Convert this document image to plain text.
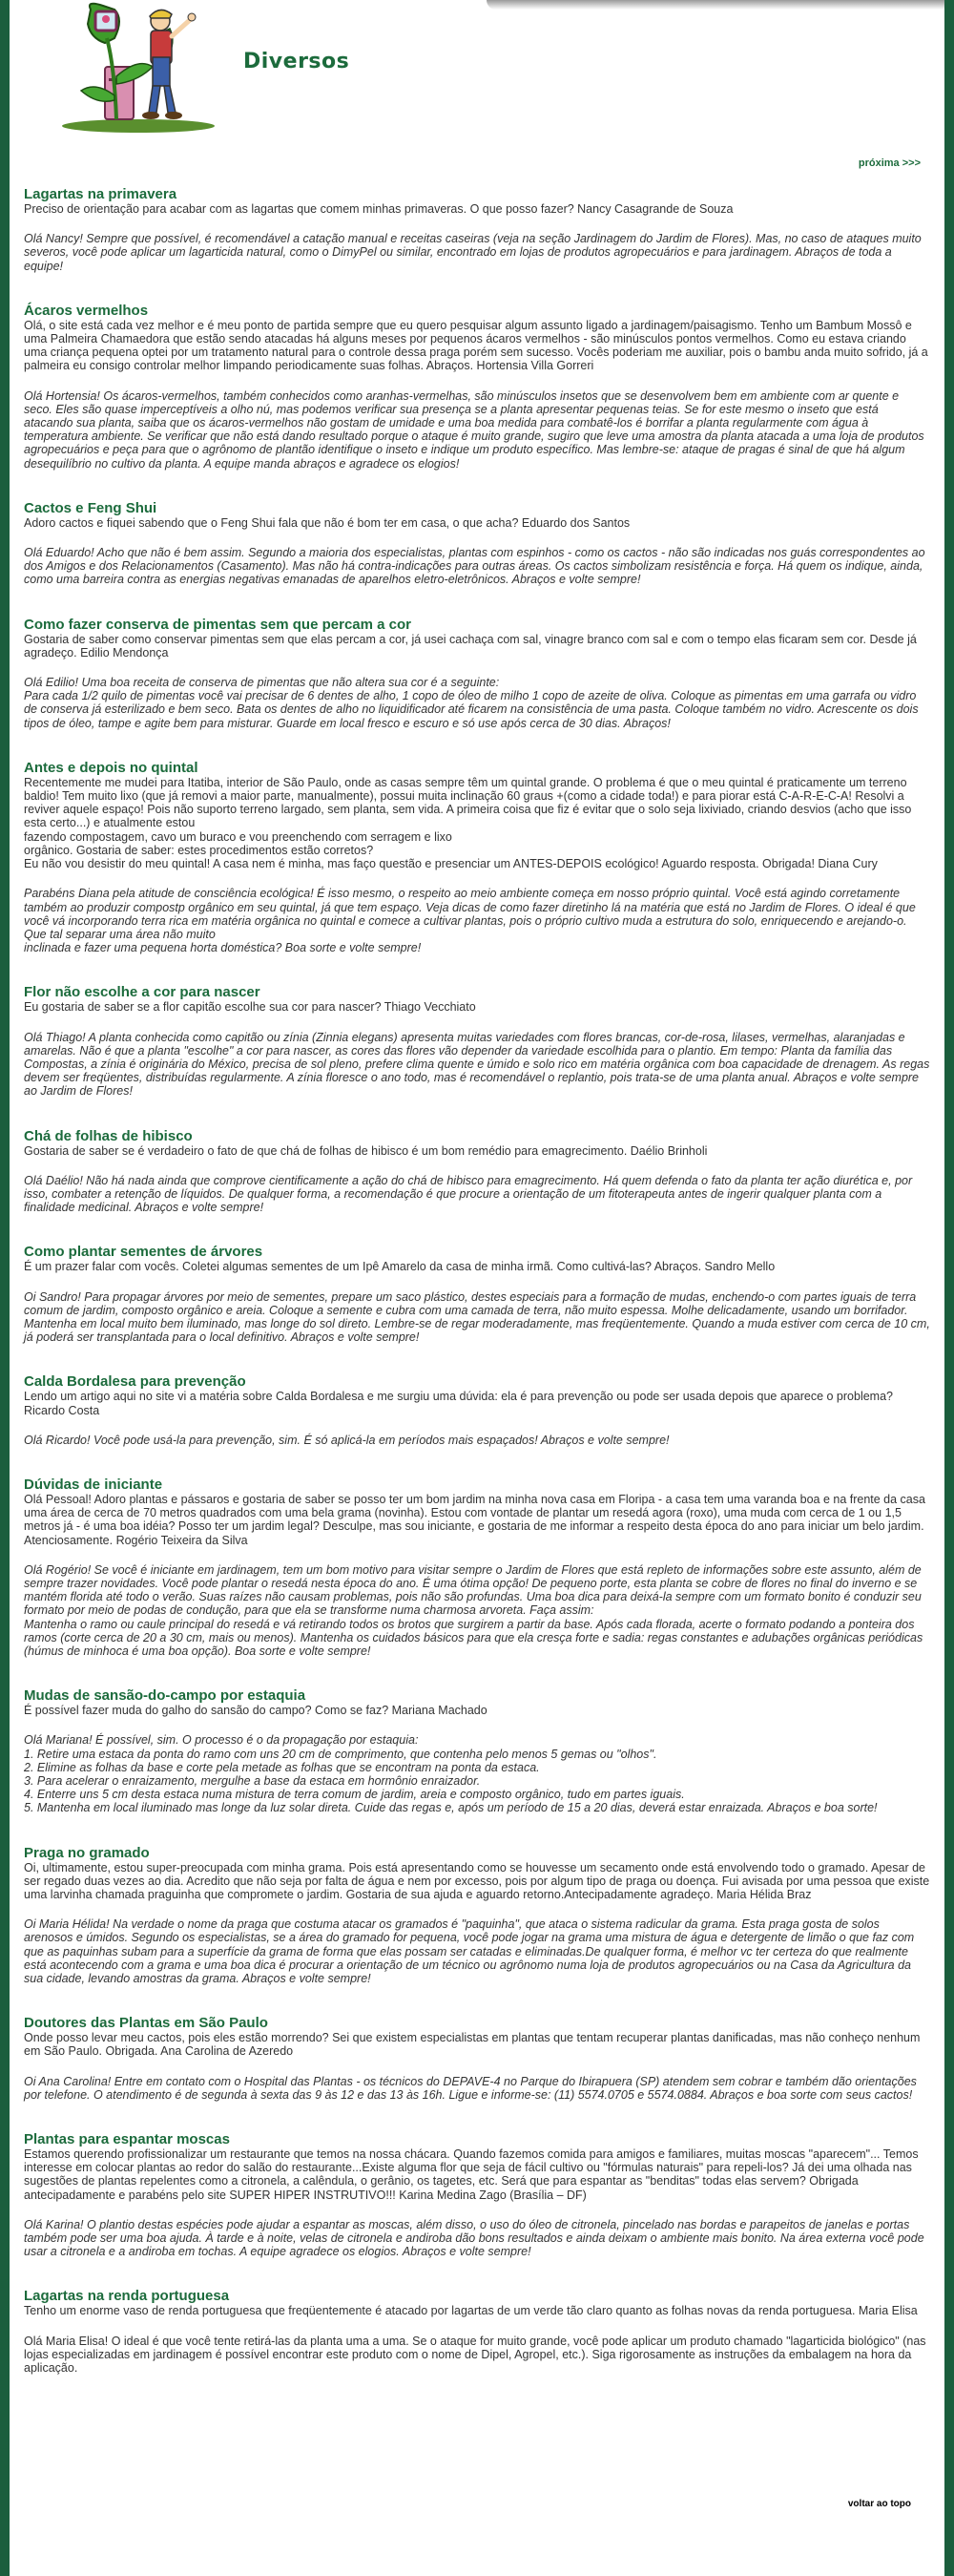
Diversos
próxima >>>
Lagartas na primavera

Preciso de orientação para acabar com as lagartas que comem minhas primaveras. O que posso fazer? Nancy Casagrande de Souza

Olá Nancy! Sempre que possível, é recomendável a catação manual e receitas caseiras (veja na seção Jardinagem do Jardim de Flores). Mas, no caso de ataques muito severos, você pode aplicar um lagarticida natural, como o DimyPel ou similar, encontrado em lojas de produtos agropecuários e para jardinagem. Abraços de toda a equipe!

Ácaros vermelhos

Olá, o site está cada vez melhor e é meu ponto de partida sempre que eu quero pesquisar algum assunto ligado a jardinagem/paisagismo. Tenho um Bambum Mossô e uma Palmeira Chamaedora que estão sendo atacadas há alguns meses por pequenos ácaros vermelhos - são minúsculos pontos vermelhos. Como eu estava criando uma criança pequena optei por um tratamento natural para o controle dessa praga porém sem sucesso. Vocês poderiam me auxiliar, pois o bambu anda muito sofrido, já a palmeira eu consigo controlar melhor limpando periodicamente suas folhas. Abraços. Hortensia Villa Gorreri

Olá Hortensia! Os ácaros-vermelhos, também conhecidos como aranhas-vermelhas, são minúsculos insetos que se desenvolvem bem em ambiente com ar quente e seco. Eles são quase imperceptíveis a olho nú, mas podemos verificar sua presença se a planta apresentar pequenas teias. Se for este mesmo o inseto que está atacando sua planta, saiba que os ácaros-vermelhos não gostam de umidade e uma boa medida para combatê-los é borrifar a planta regularmente com água à temperatura ambiente. Se verificar que não está dando resultado porque o ataque é muito grande, sugiro que leve uma amostra da planta atacada a uma loja de produtos agropecuários e peça para que o agrônomo de plantão identifique o inseto e indique um produto específico. Mas lembre-se: ataque de pragas é sinal de que há algum desequilíbrio no cultivo da planta. A equipe manda abraços e agradece os elogios!

Cactos e Feng Shui

Adoro cactos e fiquei sabendo que o Feng Shui fala que não é bom ter em casa, o que acha? Eduardo dos Santos

Olá Eduardo! Acho que não é bem assim. Segundo a maioria dos especialistas, plantas com espinhos - como os cactos - não são indicadas nos guás correspondentes ao dos Amigos e dos Relacionamentos (Casamento). Mas não há contra-indicações para outras áreas. Os cactos simbolizam resistência e força. Há quem os indique, ainda, como uma barreira contra as energias negativas emanadas de aparelhos eletro-eletrônicos. Abraços e volte sempre!

Como fazer conserva de pimentas sem que percam a cor

Gostaria de saber como conservar pimentas sem que elas percam a cor, já usei cachaça com sal, vinagre branco com sal e com o tempo elas ficaram sem cor. Desde já agradeço. Edilio Mendonça

Olá Edilio! Uma boa receita de conserva de pimentas que não altera sua cor é a seguinte:
Para cada 1/2 quilo de pimentas você vai precisar de 6 dentes de alho, 1 copo de óleo de milho 1 copo de azeite de oliva. Coloque as pimentas em uma garrafa ou vidro de conserva já esterilizado e bem seco. Bata os dentes de alho no liquidificador até ficarem na consistência de uma pasta. Coloque também no vidro. Acrescente os dois tipos de óleo, tampe e agite bem para misturar. Guarde em local fresco e escuro e só use após cerca de 30 dias. Abraços!

Antes e depois no quintal

Recentemente me mudei para Itatiba, interior de São Paulo, onde as casas sempre têm um quintal grande. O problema é que o meu quintal é praticamente um terreno baldio! Tem muito lixo (que já removi a maior parte, manualmente), possui muita inclinação 60 graus +(como a cidade toda!) e para piorar está C-A-R-E-C-A! Resolvi a reviver aquele espaço! Pois não suporto terreno largado, sem planta, sem vida. A primeira coisa que fiz é evitar que o solo seja lixiviado, criando desvios (acho que isso esta certo...) e atualmente estou
fazendo compostagem, cavo um buraco e vou preenchendo com serragem e lixo
orgânico. Gostaria de saber: estes procedimentos estão corretos?
Eu não vou desistir do meu quintal! A casa nem é minha, mas faço questão e presenciar um ANTES-DEPOIS ecológico! Aguardo resposta. Obrigada! Diana Cury

Parabéns Diana pela atitude de consciência ecológica! É isso mesmo, o respeito ao meio ambiente começa em nosso próprio quintal. Você está agindo corretamente também ao produzir compostp orgânico em seu quintal, já que tem espaço. Veja dicas de como fazer diretinho lá na matéria que está no Jardim de Flores. O ideal é que você vá incorporando terra rica em matéria orgânica no quintal e comece a cultivar plantas, pois o próprio cultivo muda a estrutura do solo, enriquecendo e arejando-o. Que tal separar uma área não muito
inclinada e fazer uma pequena horta doméstica? Boa sorte e volte sempre!

Flor não escolhe a cor para nascer

Eu gostaria de saber se a flor capitão escolhe sua cor para nascer? Thiago Vecchiato

Olá Thiago! A planta conhecida como capitão ou zínia (Zinnia elegans) apresenta muitas variedades com flores brancas, cor-de-rosa, lilases, vermelhas, alaranjadas e amarelas. Não é que a planta "escolhe" a cor para nascer, as cores das flores vão depender da variedade escolhida para o plantio. Em tempo: Planta da família das Compostas, a zínia é originária do México, precisa de sol pleno, prefere clima quente e úmido e solo rico em matéria orgânica com boa capacidade de drenagem. As regas devem ser freqüentes, distribuídas regularmente. A zínia floresce o ano todo, mas é recomendável o replantio, pois trata-se de uma planta anual. Abraços e volte sempre ao Jardim de Flores!

Chá de folhas de hibisco

Gostaria de saber se é verdadeiro o fato de que chá de folhas de hibisco é um bom remédio para emagrecimento. Daélio Brinholi

Olá Daélio! Não há nada ainda que comprove cientificamente a ação do chá de hibisco para emagrecimento. Há quem defenda o fato da planta ter ação diurética e, por isso, combater a retenção de líquidos. De qualquer forma, a recomendação é que procure a orientação de um fitoterapeuta antes de ingerir qualquer planta com a finalidade medicinal. Abraços e volte sempre!

Como plantar sementes de árvores

É um prazer falar com vocês. Coletei algumas sementes de um Ipê Amarelo da casa de minha irmã. Como cultivá-las? Abraços. Sandro Mello

Oi Sandro! Para propagar árvores por meio de sementes, prepare um saco plástico, destes especiais para a formação de mudas, enchendo-o com partes iguais de terra comum de jardim, composto orgânico e areia. Coloque a semente e cubra com uma camada de terra, não muito espessa. Molhe delicadamente, usando um borrifador. Mantenha em local muito bem iluminado, mas longe do sol direto. Lembre-se de regar moderadamente, mas freqüentemente. Quando a muda estiver com cerca de 10 cm, já poderá ser transplantada para o local definitivo. Abraços e volte sempre!

Calda Bordalesa para prevenção

Lendo um artigo aqui no site vi a matéria sobre Calda Bordalesa e me surgiu uma dúvida: ela é para prevenção ou pode ser usada depois que aparece o problema? Ricardo Costa

Olá Ricardo! Você pode usá-la para prevenção, sim. É só aplicá-la em períodos mais espaçados! Abraços e volte sempre!

Dúvidas de iniciante

Olá Pessoal! Adoro plantas e pássaros e gostaria de saber se posso ter um bom jardim na minha nova casa em Floripa - a casa tem uma varanda boa e na frente da casa uma área de cerca de 70 metros quadrados com uma bela grama (novinha). Estou com vontade de plantar um resedá agora (roxo), uma muda com cerca de 1 ou 1,5 metros já - é uma boa idéia? Posso ter um jardim legal? Desculpe, mas sou iniciante, e gostaria de me informar a respeito desta época do ano para iniciar um belo jardim. Atenciosamente. Rogério Teixeira da Silva

Olá Rogério! Se você é iniciante em jardinagem, tem um bom motivo para visitar sempre o Jardim de Flores que está repleto de informações sobre este assunto, além de sempre trazer novidades. Você pode plantar o resedá nesta época do ano. É uma ótima opção! De pequeno porte, esta planta se cobre de flores no final do inverno e se mantém florida até todo o verão. Suas raízes não causam problemas, pois não são profundas. Uma boa dica para deixá-la sempre com um formato bonito é conduzir seu formato por meio de podas de condução, para que ela se transforme numa charmosa arvoreta. Faça assim:
Mantenha o ramo ou caule principal do resedá e vá retirando todos os brotos que surgirem a partir da base. Após cada florada, acerte o formato podando a ponteira dos ramos (corte cerca de 20 a 30 cm, mais ou menos). Mantenha os cuidados básicos para que ela cresça forte e sadia: regas constantes e adubações orgânicas periódicas (húmus de minhoca é uma boa opção). Boa sorte e volte sempre!

Mudas de sansão-do-campo por estaquia

É possível fazer muda do galho do sansão do campo? Como se faz? Mariana Machado

Olá Mariana! É possível, sim. O processo é o da propagação por estaquia:
1. Retire uma estaca da ponta do ramo com uns 20 cm de comprimento, que contenha pelo menos 5 gemas ou "olhos".
2. Elimine as folhas da base e corte pela metade as folhas que se encontram na ponta da estaca.
3. Para acelerar o enraizamento, mergulhe a base da estaca em hormônio enraizador.
4. Enterre uns 5 cm desta estaca numa mistura de terra comum de jardim, areia e composto orgânico, tudo em partes iguais.
5. Mantenha em local iluminado mas longe da luz solar direta. Cuide das regas e, após um período de 15 a 20 dias, deverá estar enraizada. Abraços e boa sorte!

Praga no gramado

Oi, ultimamente, estou super-preocupada com minha grama. Pois está apresentando como se houvesse um secamento onde está envolvendo todo o gramado. Apesar de ser regado duas vezes ao dia. Acredito que não seja por falta de água e nem por excesso, pois por algum tipo de praga ou doença. Fui avisada por uma pessoa que existe uma larvinha chamada praguinha que compromete o jardim. Gostaria de sua ajuda e aguardo retorno.Antecipadamente agradeço. Maria Hélida Braz

Oi Maria Hélida! Na verdade o nome da praga que costuma atacar os gramados é "paquinha", que ataca o sistema radicular da grama. Esta praga gosta de solos arenosos e úmidos. Segundo os especialistas, se a área do gramado for pequena, você pode jogar na grama uma mistura de água e detergente de limão o que faz com que as paquinhas subam para a superfície da grama de forma que elas possam ser catadas e eliminadas.De qualquer forma, é melhor vc ter certeza do que realmente está acontecendo com a grama e uma boa dica é procurar a orientação de um técnico ou agrônomo numa loja de produtos agropecuários ou na Casa da Agricultura da sua cidade, levando amostras da grama. Abraços e volte sempre!

Doutores das Plantas em São Paulo

Onde posso levar meu cactos, pois eles estão morrendo? Sei que existem especialistas em plantas que tentam recuperar plantas danificadas, mas não conheço nenhum em São Paulo. Obrigada. Ana Carolina de Azeredo

Oi Ana Carolina! Entre em contato com o Hospital das Plantas - os técnicos do DEPAVE-4 no Parque do Ibirapuera (SP) atendem sem cobrar e também dão orientações por telefone. O atendimento é de segunda à sexta das 9 às 12 e das 13 às 16h. Ligue e informe-se: (11) 5574.0705 e 5574.0884. Abraços e boa sorte com seus cactos!

Plantas para espantar moscas

Estamos querendo profissionalizar um restaurante que temos na nossa chácara. Quando fazemos comida para amigos e familiares, muitas moscas "aparecem"... Temos interesse em colocar plantas ao redor do salão do restaurante...Existe alguma flor que seja de fácil cultivo ou "fórmulas naturais" para repeli-los? Já dei uma olhada nas sugestões de plantas repelentes como a citronela, a calêndula, o gerânio, os tagetes, etc. Será que para espantar as "benditas" todas elas servem? Obrigada antecipadamente e parabéns pelo site SUPER HIPER INSTRUTIVO!!! Karina Medina Zago (Brasília – DF)

Olá Karina! O plantio destas espécies pode ajudar a espantar as moscas, além disso, o uso do óleo de citronela, pincelado nas bordas e parapeitos de janelas e portas também pode ser uma boa ajuda. À tarde e à noite, velas de citronela e andiroba dão bons resultados e ainda deixam o ambiente mais bonito. Na área externa você pode usar a citronela e a andiroba em tochas. A equipe agradece os elogios. Abraços e volte sempre!

Lagartas na renda portuguesa

Tenho um enorme vaso de renda portuguesa que freqüentemente é atacado por lagartas de um verde tão claro quanto as folhas novas da renda portuguesa. Maria Elisa

Olá Maria Elisa! O ideal é que você tente retirá-las da planta uma a uma. Se o ataque for muito grande, você pode aplicar um produto chamado "lagarticida biológico" (nas lojas especializadas em jardinagem é possível encontrar este produto com o nome de Dipel, Agropel, etc.). Siga rigorosamente as instruções da embalagem na hora da aplicação.

voltar ao topo
